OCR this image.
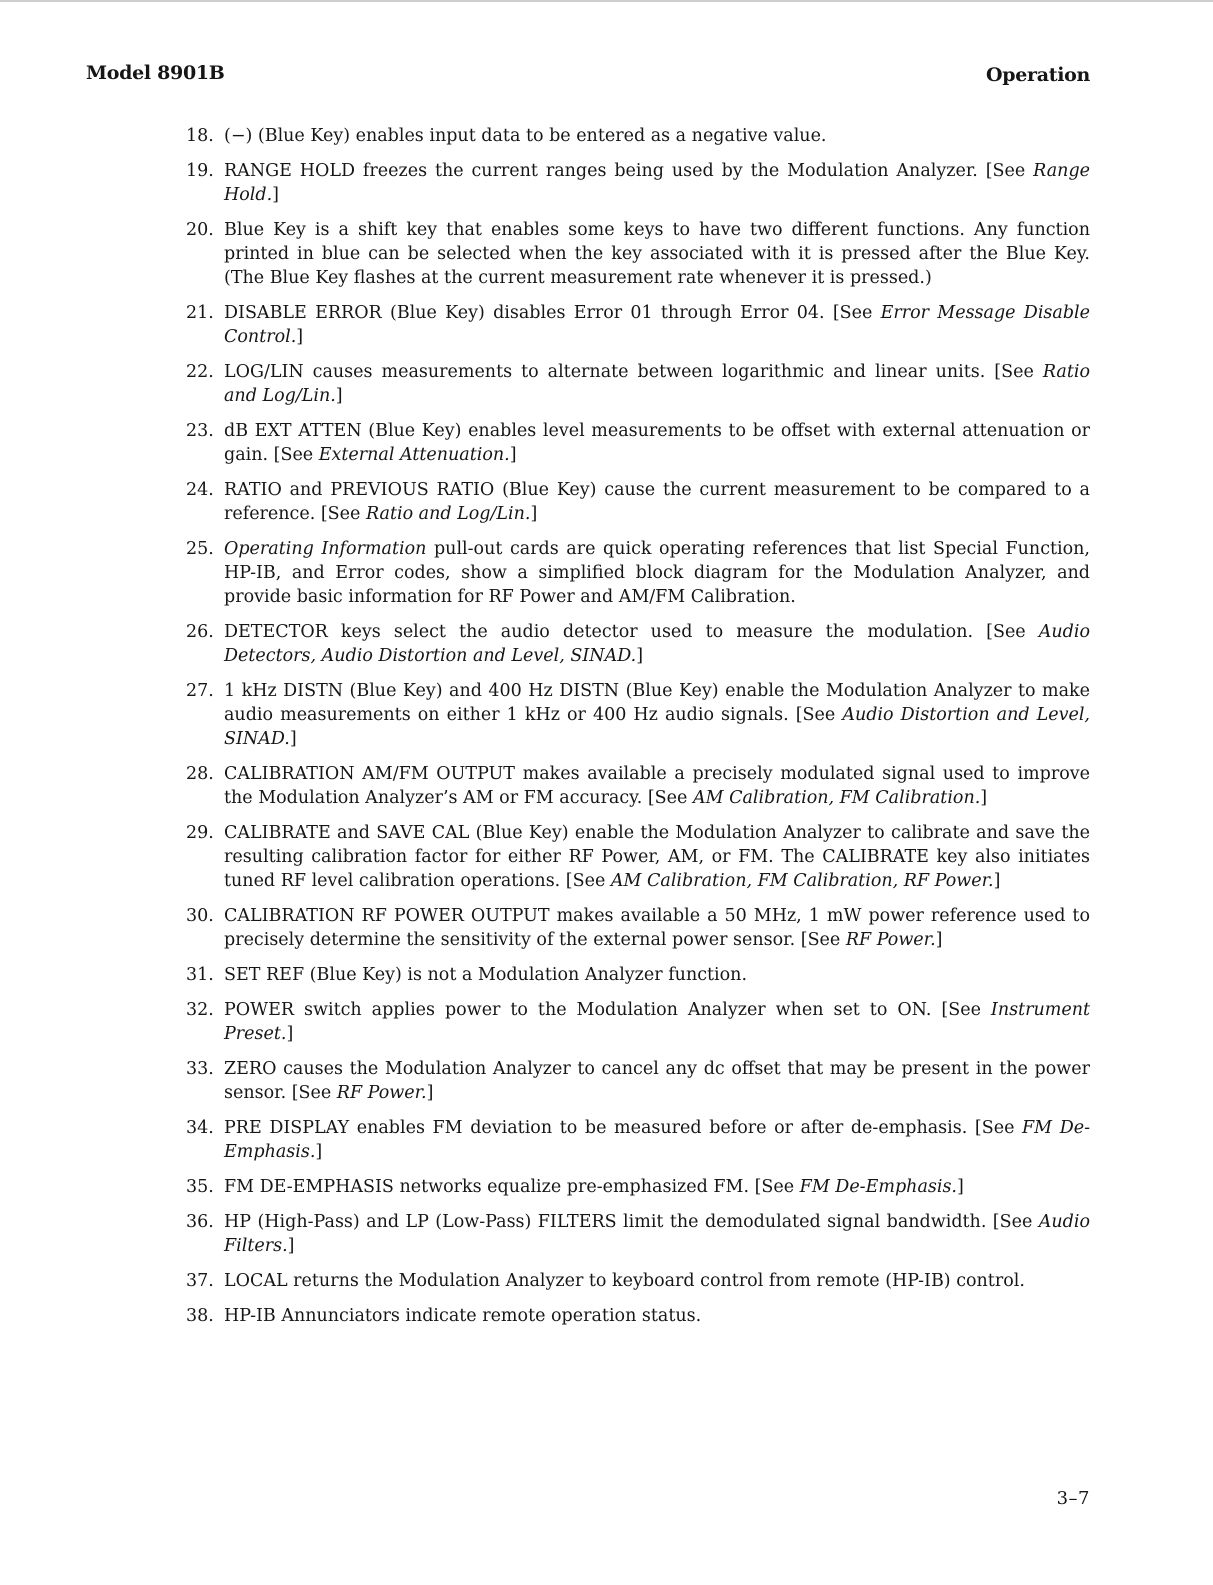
Model 8901B	Operation
18. (−) (Blue Key) enables input data to be entered as a negative value.
19. RANGE HOLD freezes the current ranges being used by the Modulation Analyzer. [See Range Hold.]
20. Blue Key is a shift key that enables some keys to have two different functions. Any function printed in blue can be selected when the key associated with it is pressed after the Blue Key. (The Blue Key flashes at the current measurement rate whenever it is pressed.)
21. DISABLE ERROR (Blue Key) disables Error 01 through Error 04. [See Error Message Disable Control.]
22. LOG/LIN causes measurements to alternate between logarithmic and linear units. [See Ratio and Log/Lin.]
23. dB EXT ATTEN (Blue Key) enables level measurements to be offset with external attenuation or gain. [See External Attenuation.]
24. RATIO and PREVIOUS RATIO (Blue Key) cause the current measurement to be compared to a reference. [See Ratio and Log/Lin.]
25. Operating Information pull-out cards are quick operating references that list Special Function, HP-IB, and Error codes, show a simplified block diagram for the Modulation Analyzer, and provide basic information for RF Power and AM/FM Calibration.
26. DETECTOR keys select the audio detector used to measure the modulation. [See Audio Detectors, Audio Distortion and Level, SINAD.]
27. 1 kHz DISTN (Blue Key) and 400 Hz DISTN (Blue Key) enable the Modulation Analyzer to make audio measurements on either 1 kHz or 400 Hz audio signals. [See Audio Distortion and Level, SINAD.]
28. CALIBRATION AM/FM OUTPUT makes available a precisely modulated signal used to improve the Modulation Analyzer’s AM or FM accuracy. [See AM Calibration, FM Calibration.]
29. CALIBRATE and SAVE CAL (Blue Key) enable the Modulation Analyzer to calibrate and save the resulting calibration factor for either RF Power, AM, or FM. The CALIBRATE key also initiates tuned RF level calibration operations. [See AM Calibration, FM Calibration, RF Power.]
30. CALIBRATION RF POWER OUTPUT makes available a 50 MHz, 1 mW power reference used to precisely determine the sensitivity of the external power sensor. [See RF Power.]
31. SET REF (Blue Key) is not a Modulation Analyzer function.
32. POWER switch applies power to the Modulation Analyzer when set to ON. [See Instrument Preset.]
33. ZERO causes the Modulation Analyzer to cancel any dc offset that may be present in the power sensor. [See RF Power.]
34. PRE DISPLAY enables FM deviation to be measured before or after de-emphasis. [See FM De-Emphasis.]
35. FM DE-EMPHASIS networks equalize pre-emphasized FM. [See FM De-Emphasis.]
36. HP (High-Pass) and LP (Low-Pass) FILTERS limit the demodulated signal bandwidth. [See Audio Filters.]
37. LOCAL returns the Modulation Analyzer to keyboard control from remote (HP-IB) control.
38. HP-IB Annunciators indicate remote operation status.
3–7
